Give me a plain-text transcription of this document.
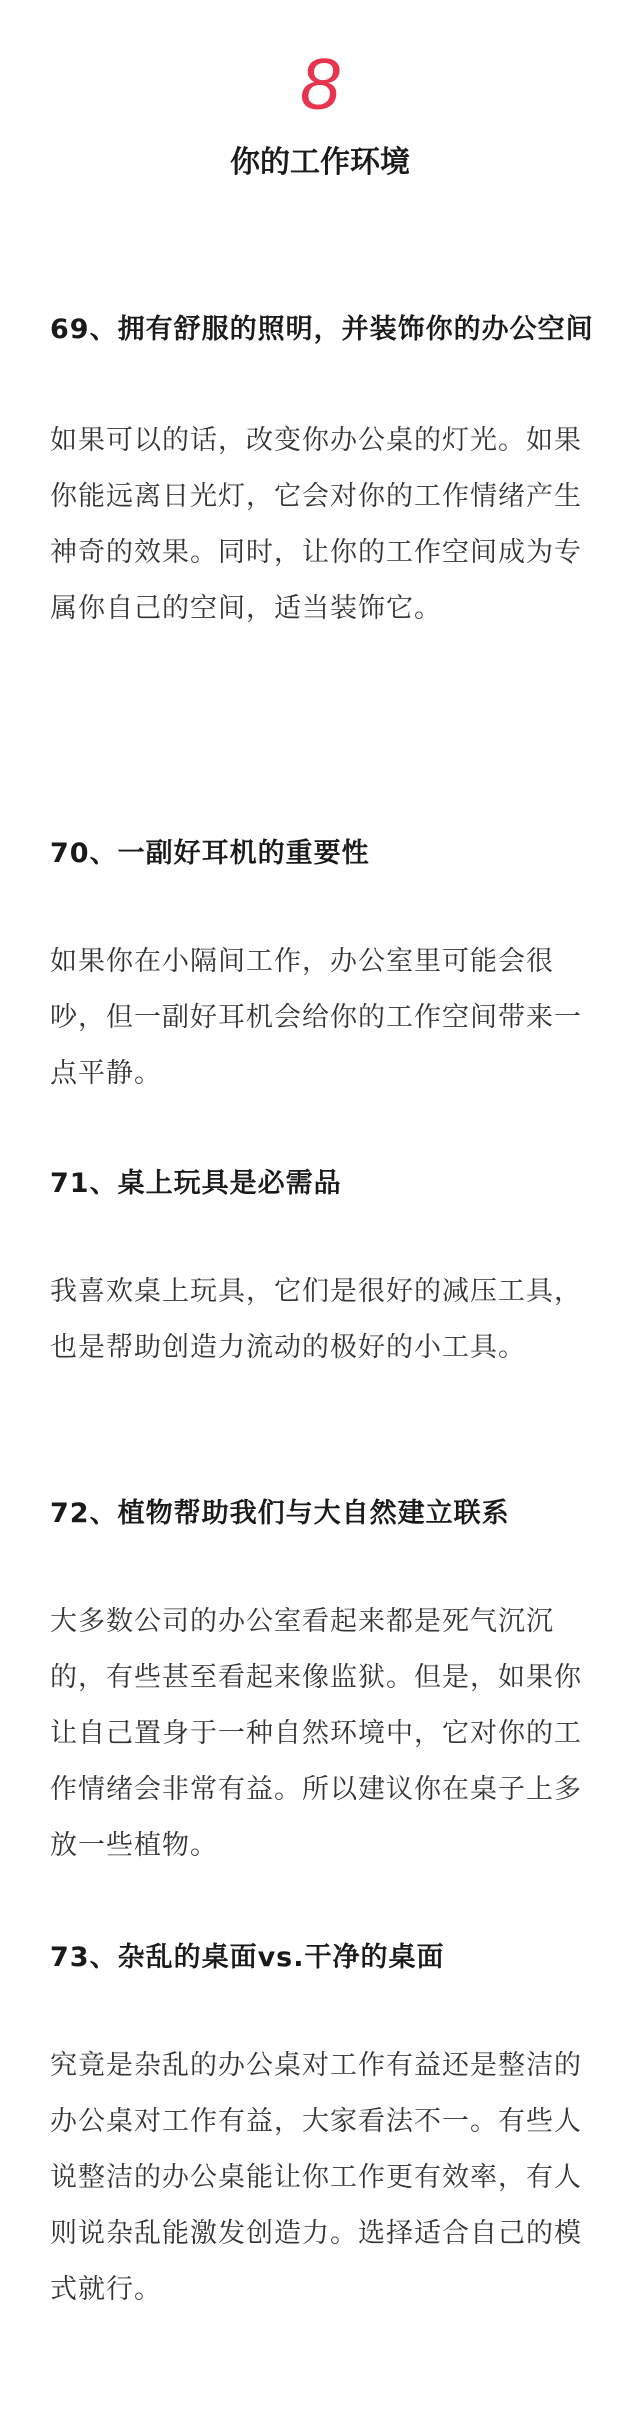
8
你的工作环境

69、拥有舒服的照明，并装饰你的办公空间

如果可以的话，改变你办公桌的灯光。如果你能远离日光灯，它会对你的工作情绪产生神奇的效果。同时，让你的工作空间成为专属你自己的空间，适当装饰它。

70、一副好耳机的重要性

如果你在小隔间工作，办公室里可能会很吵，但一副好耳机会给你的工作空间带来一点平静。

71、桌上玩具是必需品

我喜欢桌上玩具，它们是很好的减压工具，也是帮助创造力流动的极好的小工具。

72、植物帮助我们与大自然建立联系

大多数公司的办公室看起来都是死气沉沉的，有些甚至看起来像监狱。但是，如果你让自己置身于一种自然环境中，它对你的工作情绪会非常有益。所以建议你在桌子上多放一些植物。

73、杂乱的桌面vs.干净的桌面

究竟是杂乱的办公桌对工作有益还是整洁的办公桌对工作有益，大家看法不一。有些人说整洁的办公桌能让你工作更有效率，有人则说杂乱能激发创造力。选择适合自己的模式就行。
